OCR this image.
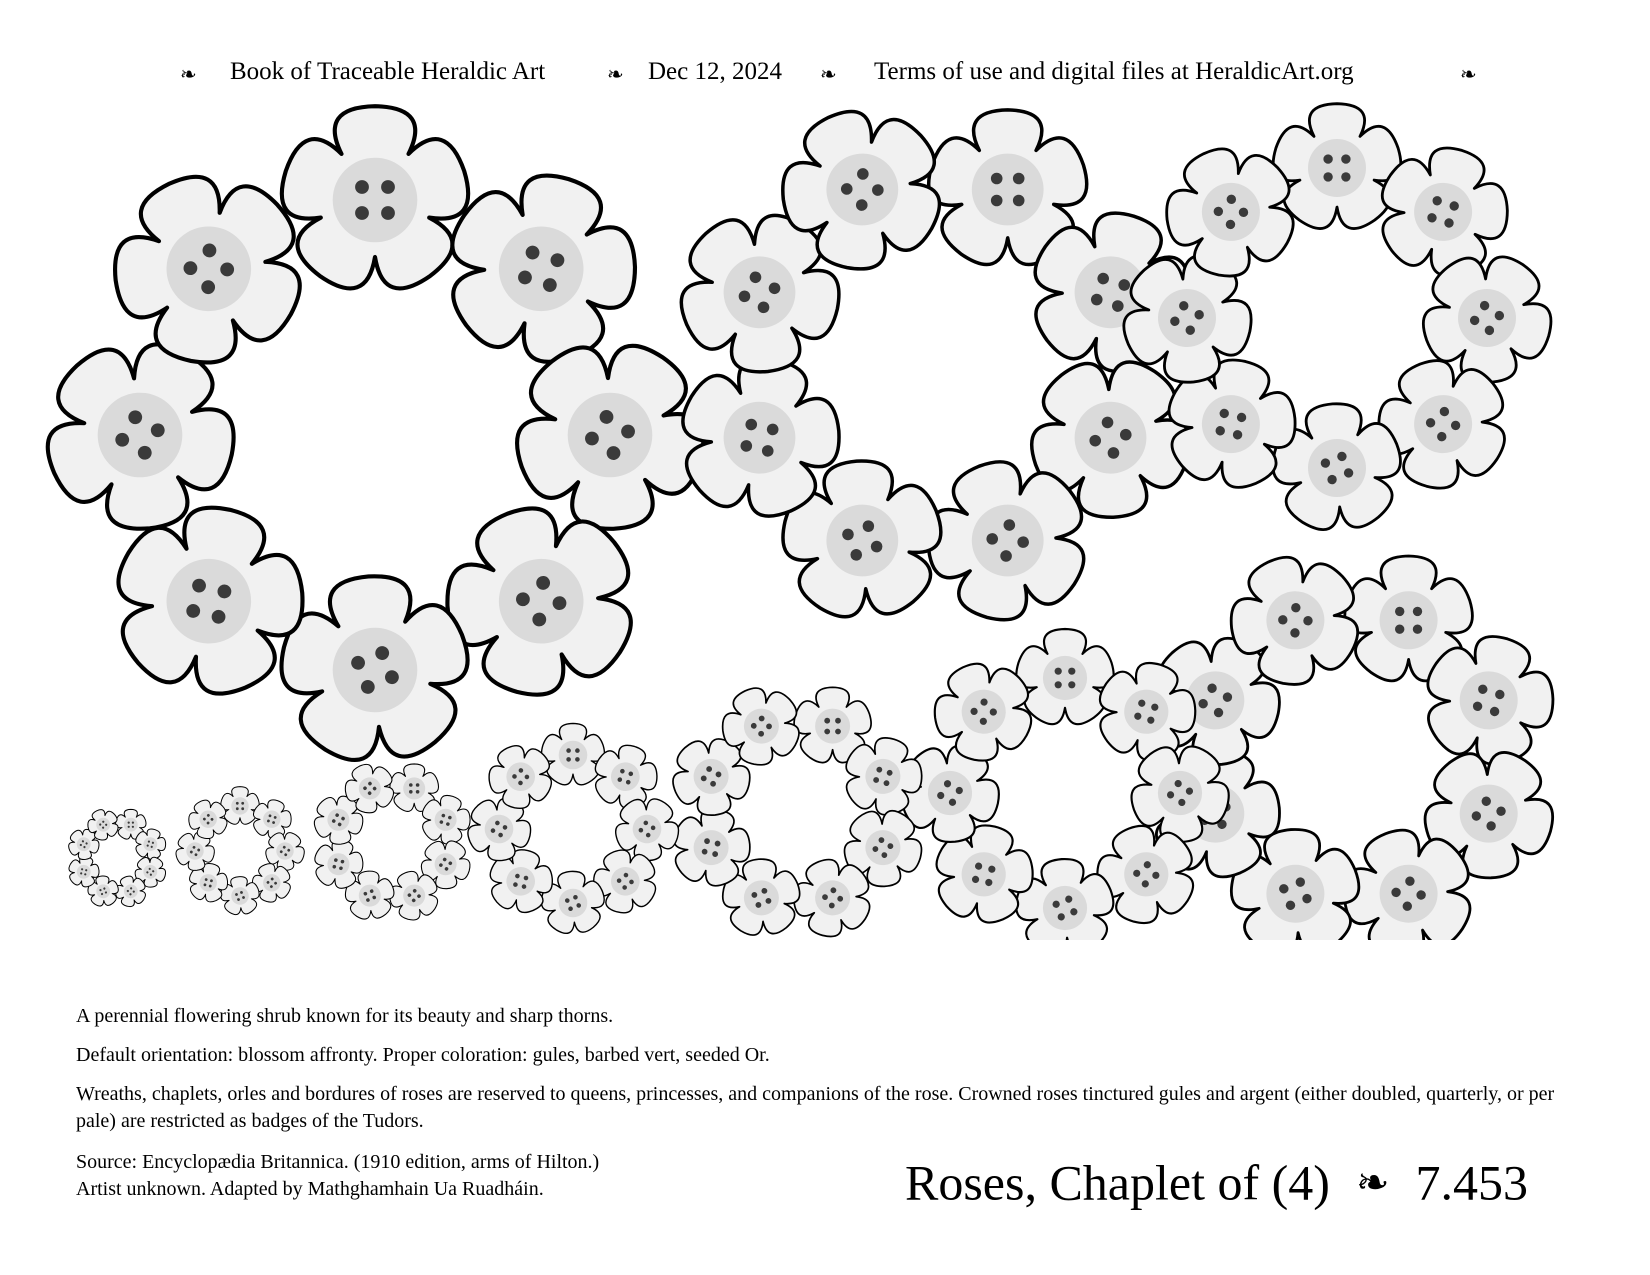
❧ Book of Traceable Heraldic Art	❧ Dec 12, 2024 ❧ Terms of use and digital files at HeraldicArt.org	❧

A perennial flowering shrub known for its beauty and sharp thorns.

Default orientation: blossom affronty. Proper coloration: gules, barbed vert, seeded Or.

Wreaths, chaplets, orles and bordures of roses are reserved to queens, princesses, and companions of the rose. Crowned roses tinctured gules and argent (either doubled, quarterly, or per pale) are restricted as badges of the Tudors.

Source: Encyclopædia Britannica. (1910 edition, arms of Hilton.)

Artist unknown. Adapted by Mathghamhain Ua Ruadháin.	Roses, Chaplet of (4) ❧ 7.453
